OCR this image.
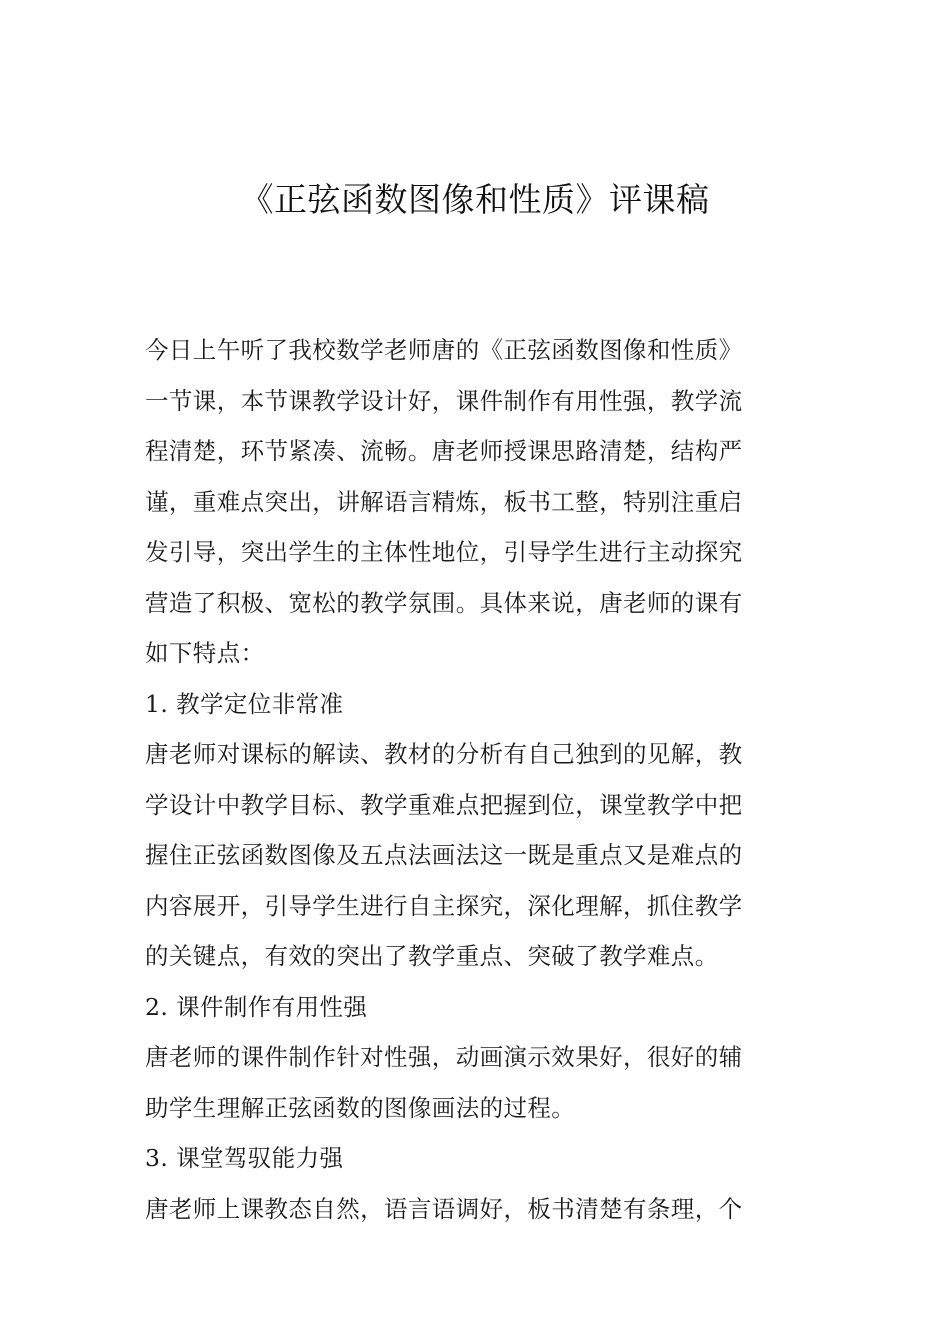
《正弦函数图像和性质》评课稿
今日上午听了我校数学老师唐的《正弦函数图像和性质》
一节课，本节课教学设计好，课件制作有用性强，教学流
程清楚，环节紧凑、流畅。唐老师授课思路清楚，结构严
谨，重难点突出，讲解语言精炼，板书工整，特别注重启
发引导，突出学生的主体性地位，引导学生进行主动探究
营造了积极、宽松的教学氛围。具体来说，唐老师的课有
如下特点：
1. 教学定位非常准
唐老师对课标的解读、教材的分析有自己独到的见解，教
学设计中教学目标、教学重难点把握到位，课堂教学中把
握住正弦函数图像及五点法画法这一既是重点又是难点的
内容展开，引导学生进行自主探究，深化理解，抓住教学
的关键点，有效的突出了教学重点、突破了教学难点。
2. 课件制作有用性强
唐老师的课件制作针对性强，动画演示效果好，很好的辅
助学生理解正弦函数的图像画法的过程。
3. 课堂驾驭能力强
唐老师上课教态自然，语言语调好，板书清楚有条理，个
